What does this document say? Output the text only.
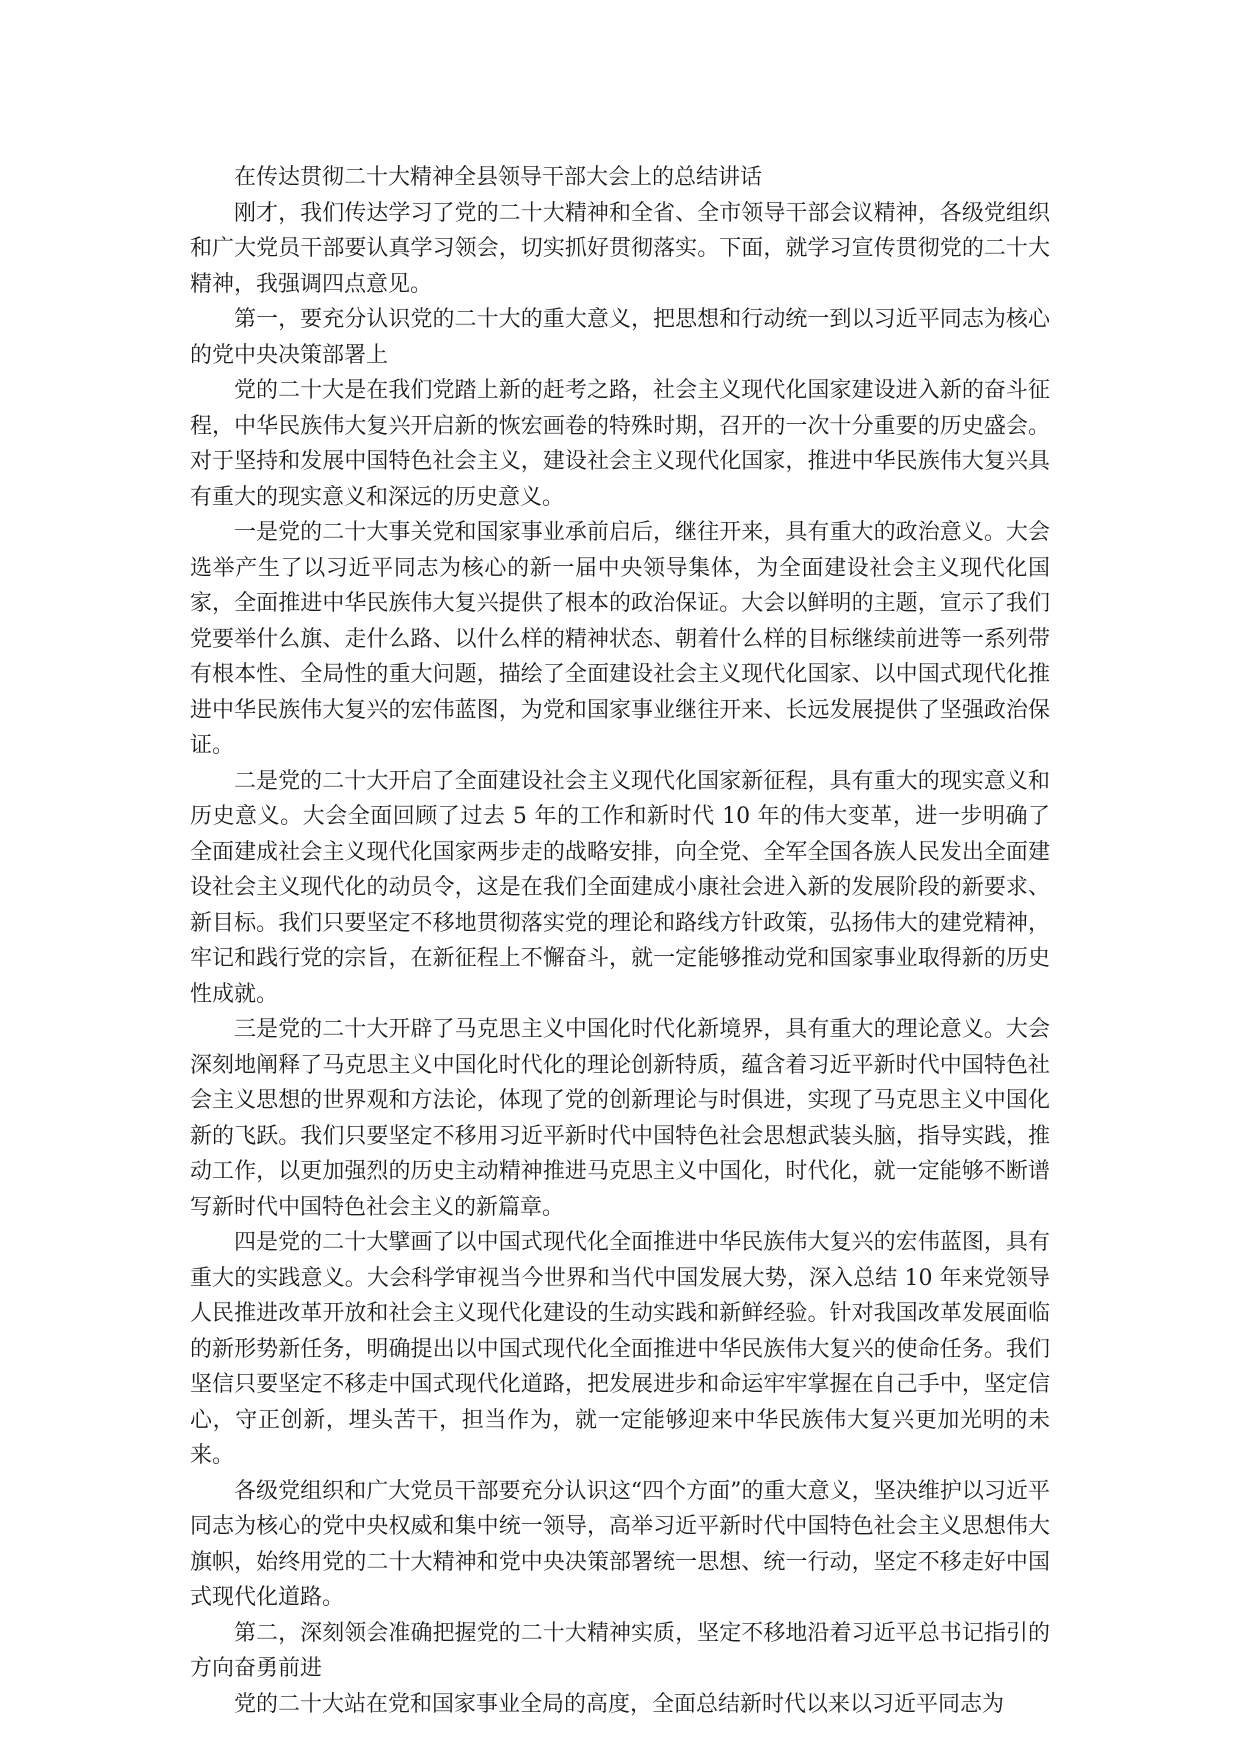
在传达贯彻二十大精神全县领导干部大会上的总结讲话

刚才，我们传达学习了党的二十大精神和全省、全市领导干部会议精神，各级党组织和广大党员干部要认真学习领会，切实抓好贯彻落实。下面，就学习宣传贯彻党的二十大精神，我强调四点意见。

第一，要充分认识党的二十大的重大意义，把思想和行动统一到以习近平同志为核心的党中央决策部署上

党的二十大是在我们党踏上新的赶考之路，社会主义现代化国家建设进入新的奋斗征程，中华民族伟大复兴开启新的恢宏画卷的特殊时期，召开的一次十分重要的历史盛会。对于坚持和发展中国特色社会主义，建设社会主义现代化国家，推进中华民族伟大复兴具有重大的现实意义和深远的历史意义。

一是党的二十大事关党和国家事业承前启后，继往开来，具有重大的政治意义。大会选举产生了以习近平同志为核心的新一届中央领导集体，为全面建设社会主义现代化国家，全面推进中华民族伟大复兴提供了根本的政治保证。大会以鲜明的主题，宣示了我们党要举什么旗、走什么路、以什么样的精神状态、朝着什么样的目标继续前进等一系列带有根本性、全局性的重大问题，描绘了全面建设社会主义现代化国家、以中国式现代化推进中华民族伟大复兴的宏伟蓝图，为党和国家事业继往开来、长远发展提供了坚强政治保证。

二是党的二十大开启了全面建设社会主义现代化国家新征程，具有重大的现实意义和历史意义。大会全面回顾了过去 5 年的工作和新时代 10 年的伟大变革，进一步明确了全面建成社会主义现代化国家两步走的战略安排，向全党、全军全国各族人民发出全面建设社会主义现代化的动员令，这是在我们全面建成小康社会进入新的发展阶段的新要求、新目标。我们只要坚定不移地贯彻落实党的理论和路线方针政策，弘扬伟大的建党精神，牢记和践行党的宗旨，在新征程上不懈奋斗，就一定能够推动党和国家事业取得新的历史性成就。

三是党的二十大开辟了马克思主义中国化时代化新境界，具有重大的理论意义。大会深刻地阐释了马克思主义中国化时代化的理论创新特质，蕴含着习近平新时代中国特色社会主义思想的世界观和方法论，体现了党的创新理论与时俱进，实现了马克思主义中国化新的飞跃。我们只要坚定不移用习近平新时代中国特色社会思想武装头脑，指导实践，推动工作，以更加强烈的历史主动精神推进马克思主义中国化，时代化，就一定能够不断谱写新时代中国特色社会主义的新篇章。

四是党的二十大擘画了以中国式现代化全面推进中华民族伟大复兴的宏伟蓝图，具有重大的实践意义。大会科学审视当今世界和当代中国发展大势，深入总结 10 年来党领导人民推进改革开放和社会主义现代化建设的生动实践和新鲜经验。针对我国改革发展面临的新形势新任务，明确提出以中国式现代化全面推进中华民族伟大复兴的使命任务。我们坚信只要坚定不移走中国式现代化道路，把发展进步和命运牢牢掌握在自己手中，坚定信心，守正创新，埋头苦干，担当作为，就一定能够迎来中华民族伟大复兴更加光明的未来。

各级党组织和广大党员干部要充分认识这“四个方面”的重大意义，坚决维护以习近平同志为核心的党中央权威和集中统一领导，高举习近平新时代中国特色社会主义思想伟大旗帜，始终用党的二十大精神和党中央决策部署统一思想、统一行动，坚定不移走好中国式现代化道路。

第二，深刻领会准确把握党的二十大精神实质，坚定不移地沿着习近平总书记指引的方向奋勇前进

党的二十大站在党和国家事业全局的高度，全面总结新时代以来以习近平同志为
